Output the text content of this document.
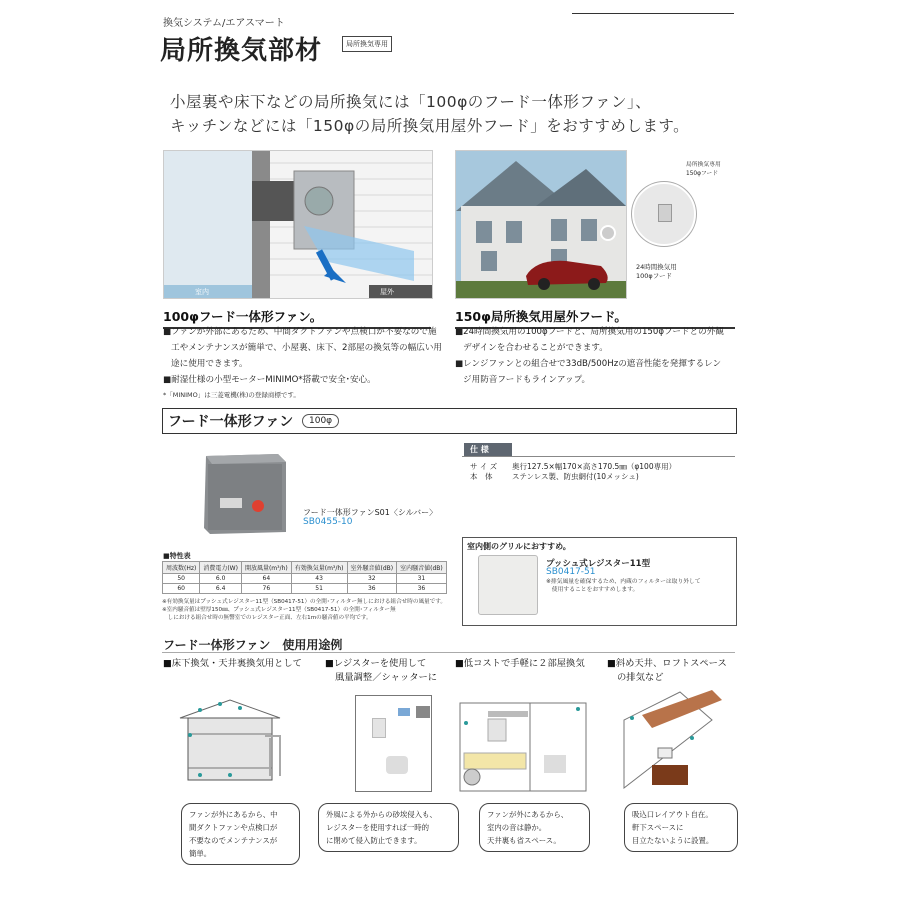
換気システム/エアスマート
局所換気部材	局所換気専用
小屋裏や床下などの局所換気には「100φのフード一体形ファン」、
キッチンなどには「150φの局所換気用屋外フード」をおすすめします。
室内	屋外
局所換気専用
150φフード
24時間換気用
100φフード
100φフード一体形ファン。
■ファンが外部にあるため、中間ダクトファンや点検口が不要なので施
工やメンテナンスが簡単で、小屋裏、床下、2部屋の換気等の幅広い用
途に使用できます。
■耐湿仕様の小型モーターMINIMO*搭載で安全･安心。
*「MINIMO」は三菱電機(株)の登録商標です。
150φ局所換気用屋外フード。
■24時間換気用の100φフードと、局所換気用の150φフードとの外観
デザインを合わせることができます。
■レンジファンとの組合せで33dB/500Hzの遮音性能を発揮するレン
ジ用防音フードもラインアップ。
フード一体形ファン	100φ
フード一体形ファンS01〈シルバー〉
SB0455-10
仕 様
サ イ ズ 奥行127.5×幅170×高さ170.5㎜（φ100専用）
本　体	ステンレス製、防虫網付(10メッシュ)
■特性表
周波数(Hz)	消費電力(W)	開放風量(m³/h)	有効換気量(m³/h)	室外騒音値(dB)	室内騒音値(dB)
50	6.0	64	43	32	31
60	6.4	76	51	36	36
※有効換気量はプッシュ式レジスター11型（SB0417-51）の全開･フィルター無しにおける組合せ時の風量です。
※室内騒音値は壁厚150㎜、プッシュ式レジスター11型（SB0417-51）の全開･フィルター無
　しにおける組合せ時の無響室でのレジスター正面、左右1mの騒音値の平均です。
室内側のグリルにおすすめ。
プッシュ式レジスター11型
SB0417-51
※排気風量を確保するため、内蔵のフィルターは取り外して
　使用することをおすすめします。
フード一体形ファン　使用用途例
■床下換気・天井裏換気用として ■レジスターを使用して
風量調整／シャッターに
■低コストで手軽に２部屋換気 ■斜め天井、ロフトスペース
の排気など
ファンが外にあるから、中
間ダクトファンや点検口が
不要なのでメンテナンスが
簡単。
外風による外からの砂埃侵入も、
レジスターを使用すれば一時的
に閉めて侵入防止できます。
ファンが外にあるから、
室内の音は静か。
天井裏も省スペース。
吸込口レイアウト自在。
軒下スペースに
目立たないように設置。
